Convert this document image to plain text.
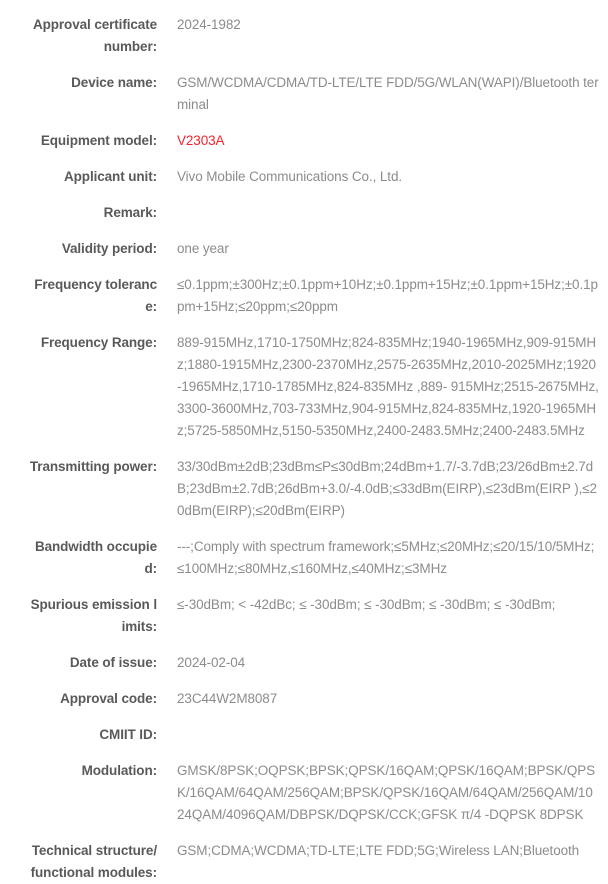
Approval certificate number:
2024-1982
Device name: GSM/WCDMA/CDMA/TD-LTE/LTE FDD/5G/WLAN(WAPI)/Bluetooth terminal
Equipment model: V2303A
Applicant unit: Vivo Mobile Communications Co., Ltd.
Remark:
Validity period: one year
Frequency tolerance:
≤0.1ppm;±300Hz;±0.1ppm+10Hz;±0.1ppm+15Hz;±0.1ppm+15Hz;±0.1ppm+15Hz;≤20ppm;≤20ppm
Frequency Range: 889-915MHz,1710-1750MHz;824-835MHz;1940-1965MHz,909-915MHz;1880-1915MHz,2300-2370MHz,2575-2635MHz,2010-2025MHz;1920-1965MHz,1710-1785MHz,824-835MHz ,889- 915MHz;2515-2675MHz,3300-3600MHz,703-733MHz,904-915MHz,824-835MHz,1920-1965MHz;5725-5850MHz,5150-5350MHz,2400-2483.5MHz;2400-2483.5MHz
Transmitting power: 33/30dBm±2dB;23dBm≤P≤30dBm;24dBm+1.7/-3.7dB;23/26dBm±2.7dB;23dBm±2.7dB;26dBm+3.0/-4.0dB;≤33dBm(EIRP),≤23dBm(EIRP ),≤20dBm(EIRP);≤20dBm(EIRP)
Bandwidth occupied:
---;Comply with spectrum framework;≤5MHz;≤20MHz;≤20/15/10/5MHz;≤100MHz;≤80MHz,≤160MHz,≤40MHz;≤3MHz
Spurious emission limits:
≤-30dBm; < -42dBc; ≤ -30dBm; ≤ -30dBm; ≤ -30dBm; ≤ -30dBm;
Date of issue: 2024-02-04
Approval code: 23C44W2M8087
CMIIT ID:
Modulation: GMSK/8PSK;OQPSK;BPSK;QPSK/16QAM;QPSK/16QAM;BPSK/QPSK/16QAM/64QAM/256QAM;BPSK/QPSK/16QAM/64QAM/256QAM/1024QAM/4096QAM/DBPSK/DQPSK/CCK;GFSK π/4 -DQPSK 8DPSK
Technical structure/functional modules:
GSM;CDMA;WCDMA;TD-LTE;LTE FDD;5G;Wireless LAN;Bluetooth
